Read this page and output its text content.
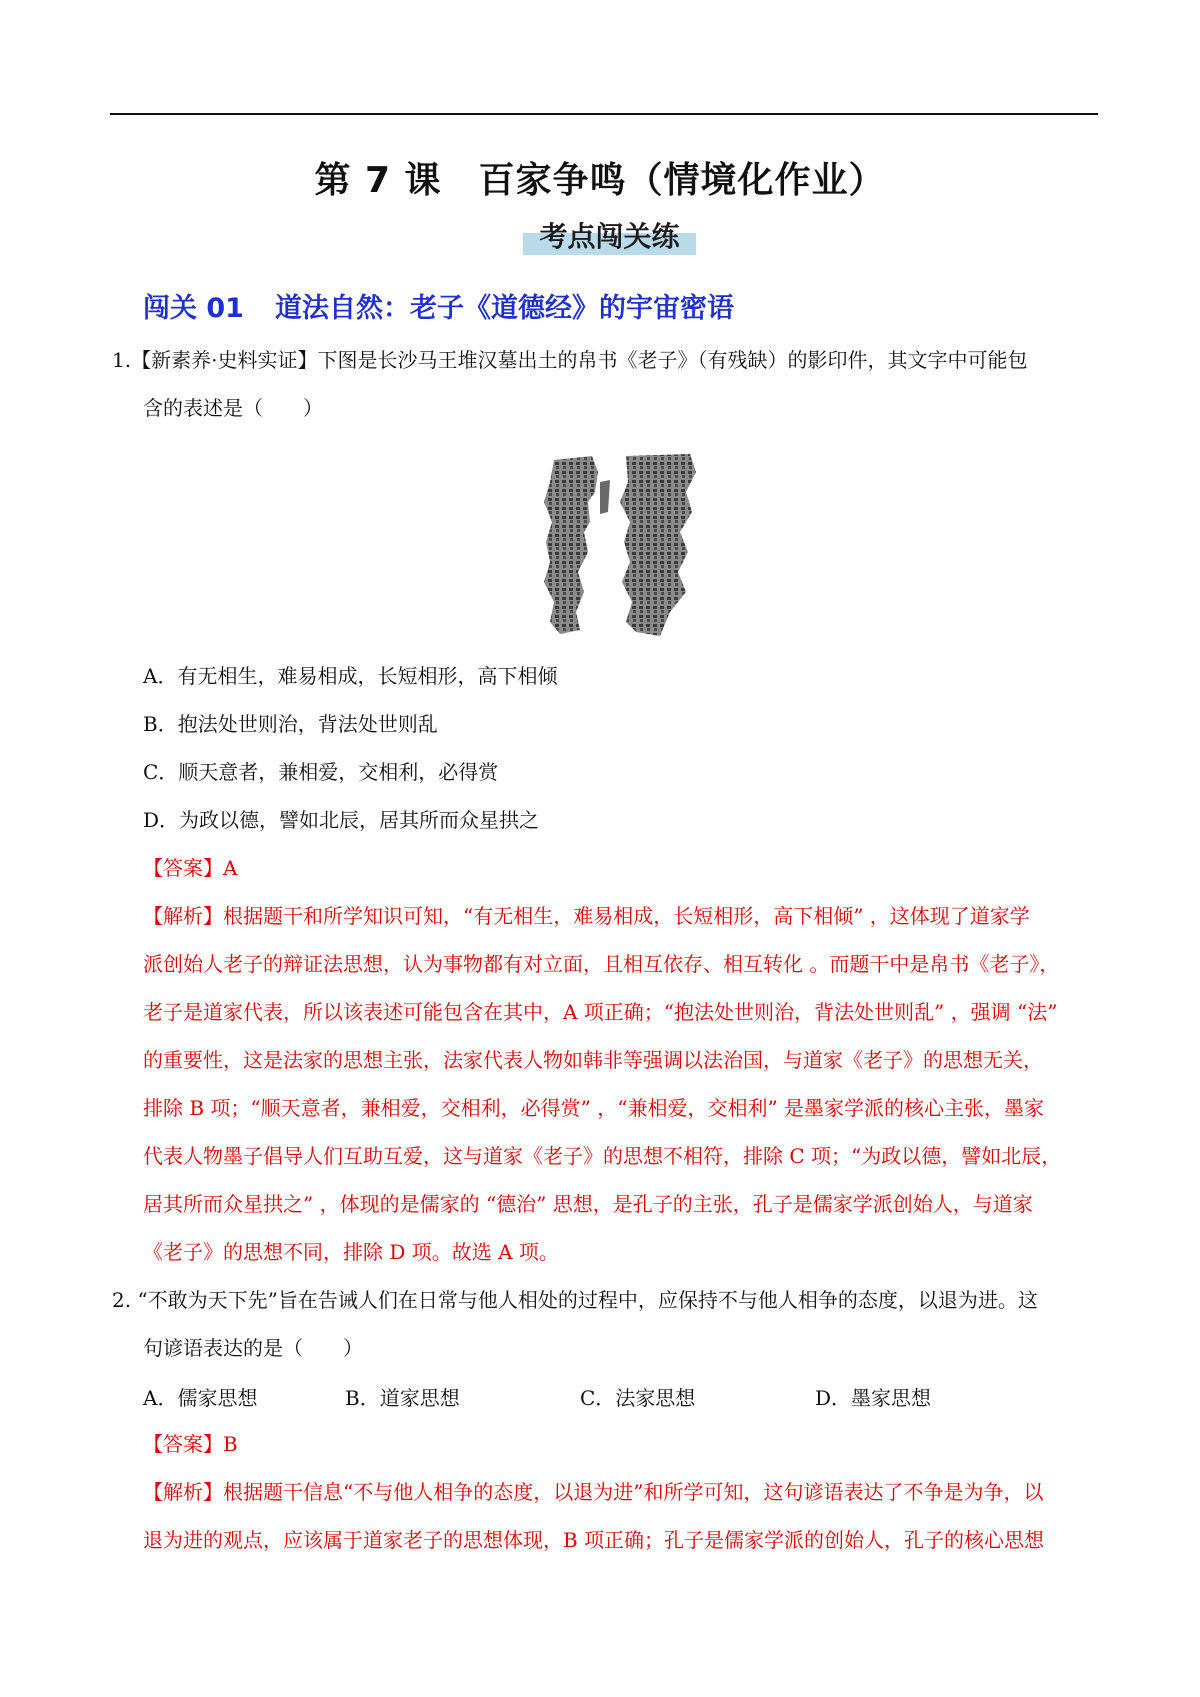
第 7 课　百家争鸣（情境化作业）
考点闯关练
闯关 01 道法自然：老子《道德经》的宇宙密语
1.【新素养·史料实证】下图是长沙马王堆汉墓出土的帛书《老子》（有残缺）的影印件，其文字中可能包
含的表述是（　　）
A．有无相生，难易相成，长短相形，高下相倾
B．抱法处世则治，背法处世则乱
C．顺天意者，兼相爱，交相利，必得赏
D．为政以德，譬如北辰，居其所而众星拱之
【答案】A
【解析】根据题干和所学知识可知，“有无相生，难易相成，长短相形，高下相倾” ，这体现了道家学
派创始人老子的辩证法思想，认为事物都有对立面，且相互依存、相互转化 。而题干中是帛书《老子》，
老子是道家代表，所以该表述可能包含在其中，A 项正确；“抱法处世则治，背法处世则乱” ，强调 “法”
的重要性，这是法家的思想主张，法家代表人物如韩非等强调以法治国，与道家《老子》的思想无关，
排除 B 项；“顺天意者，兼相爱，交相利，必得赏” ，“兼相爱，交相利” 是墨家学派的核心主张，墨家
代表人物墨子倡导人们互助互爱，这与道家《老子》的思想不相符，排除 C 项；“为政以德，譬如北辰，
居其所而众星拱之” ，体现的是儒家的 “德治” 思想，是孔子的主张，孔子是儒家学派创始人，与道家
《老子》的思想不同，排除 D 项。故选 A 项。
2. “不敢为天下先”旨在告诫人们在日常与他人相处的过程中，应保持不与他人相争的态度，以退为进。这
句谚语表达的是（　　）
A．儒家思想	B．道家思想	C．法家思想	D．墨家思想
【答案】B
【解析】根据题干信息“不与他人相争的态度，以退为进”和所学可知，这句谚语表达了不争是为争，以
退为进的观点，应该属于道家老子的思想体现，B 项正确；孔子是儒家学派的创始人，孔子的核心思想
